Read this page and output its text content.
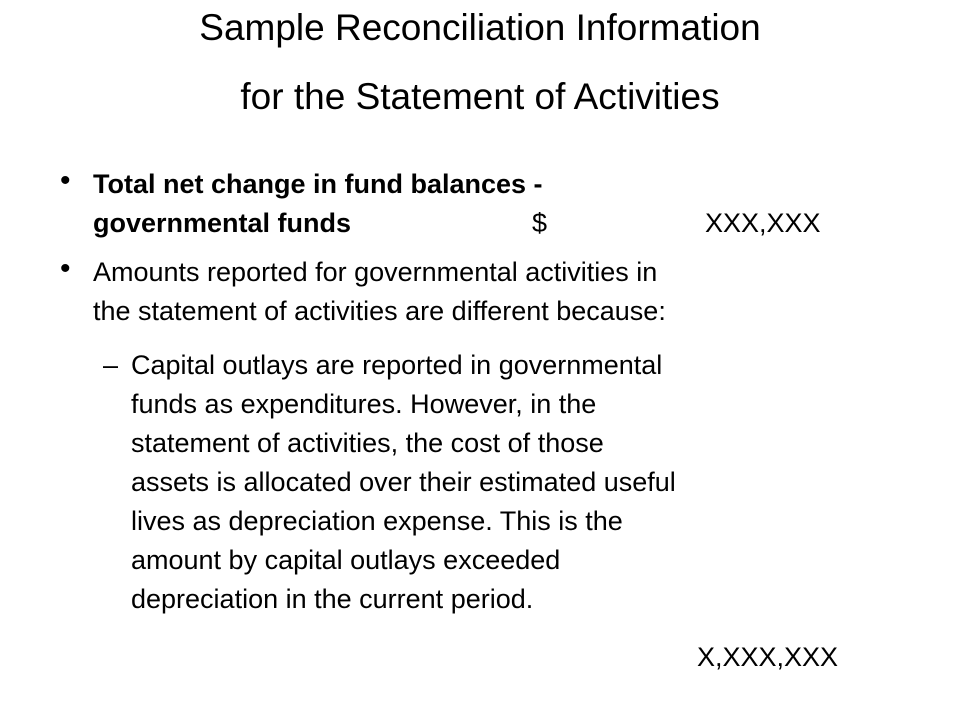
Sample Reconciliation Information
for the Statement of Activities
• Total net change in fund balances -
governmental funds	$	XXX,XXX
• Amounts reported for governmental activities in
the statement of activities are different because:
– Capital outlays are reported in governmental
funds as expenditures. However, in the
statement of activities, the cost of those
assets is allocated over their estimated useful
lives as depreciation expense. This is the
amount by capital outlays exceeded
depreciation in the current period.
X,XXX,XXX
